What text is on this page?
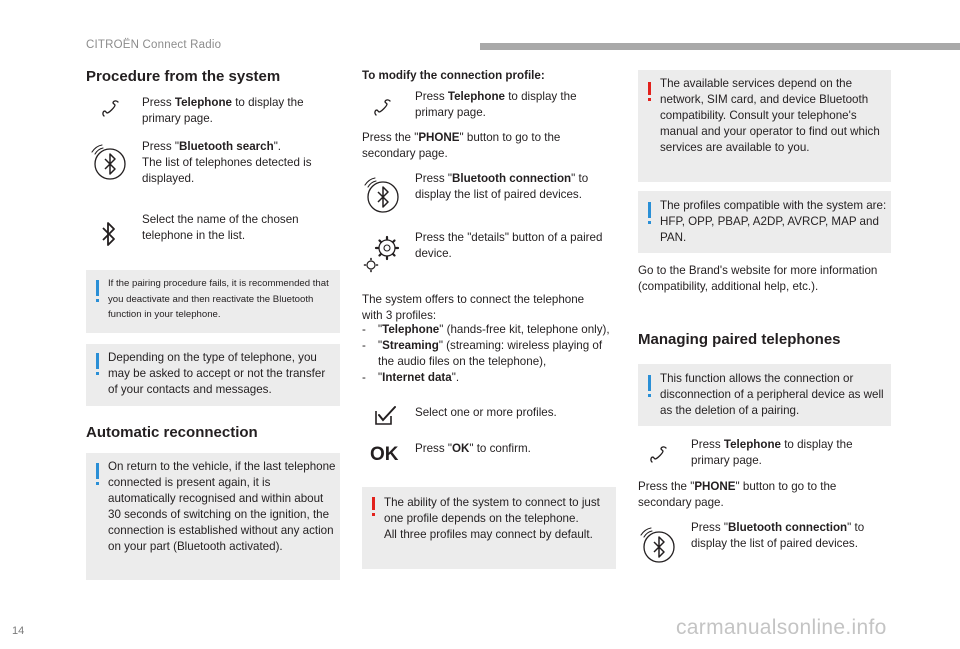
CITROËN Connect Radio
Procedure from the system

Press Telephone to display the primary page.

Press "Bluetooth search".

The list of telephones detected is displayed.

Select the name of the chosen telephone in the list.

If the pairing procedure fails, it is recommended that you deactivate and then reactivate the Bluetooth function in your telephone.

Depending on the type of telephone, you may be asked to accept or not the transfer of your contacts and messages.

Automatic reconnection

On return to the vehicle, if the last telephone connected is present again, it is automatically recognised and within about 30 seconds of switching on the ignition, the connection is established without any action on your part (Bluetooth activated).

To modify the connection profile:

Press Telephone to display the primary page.

Press the "PHONE" button to go to the secondary page.

Press "Bluetooth connection" to display the list of paired devices.

Press the "details" button of a paired device.

The system offers to connect the telephone with 3 profiles:

- "Telephone" (hands-free kit, telephone only),
- "Streaming" (streaming: wireless playing of the audio files on the telephone),
- "Internet data".

Select one or more profiles.

OK Press "OK" to confirm.

The ability of the system to connect to just one profile depends on the telephone.
All three profiles may connect by default.

The available services depend on the network, SIM card, and device Bluetooth compatibility. Consult your telephone's manual and your operator to find out which services are available to you.

The profiles compatible with the system are: HFP, OPP, PBAP, A2DP, AVRCP, MAP and PAN.

Go to the Brand's website for more information (compatibility, additional help, etc.).

Managing paired telephones

This function allows the connection or disconnection of a peripheral device as well as the deletion of a pairing.

Press Telephone to display the primary page.

Press the "PHONE" button to go to the secondary page.

Press "Bluetooth connection" to display the list of paired devices.

14	carmanualsonline.info
